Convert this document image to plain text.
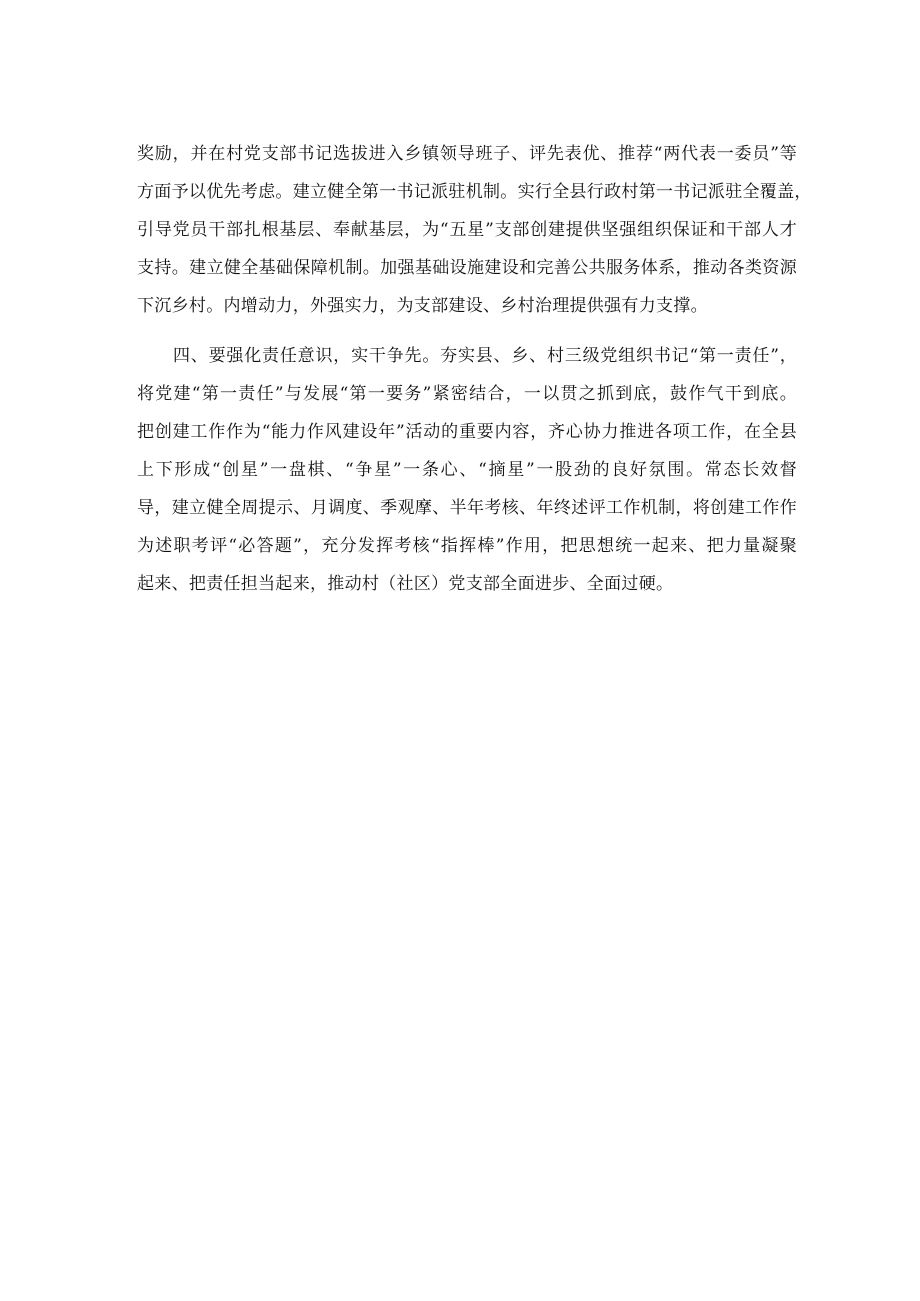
奖励，并在村党支部书记选拔进入乡镇领导班子、评先表优、推荐“两代表一委员”等
方面予以优先考虑。建立健全第一书记派驻机制。实行全县行政村第一书记派驻全覆盖，
引导党员干部扎根基层、奉献基层，为“五星”支部创建提供坚强组织保证和干部人才
支持。建立健全基础保障机制。加强基础设施建设和完善公共服务体系，推动各类资源
下沉乡村。内增动力，外强实力，为支部建设、乡村治理提供强有力支撑。
四、要强化责任意识，实干争先。夯实县、乡、村三级党组织书记“第一责任”，
将党建“第一责任”与发展“第一要务”紧密结合，一以贯之抓到底，鼓作气干到底。
把创建工作作为“能力作风建设年”活动的重要内容，齐心协力推进各项工作，在全县
上下形成“创星”一盘棋、“争星”一条心、“摘星”一股劲的良好氛围。常态长效督
导，建立健全周提示、月调度、季观摩、半年考核、年终述评工作机制，将创建工作作
为述职考评“必答题”，充分发挥考核“指挥棒”作用，把思想统一起来、把力量凝聚
起来、把责任担当起来，推动村（社区）党支部全面进步、全面过硬。
